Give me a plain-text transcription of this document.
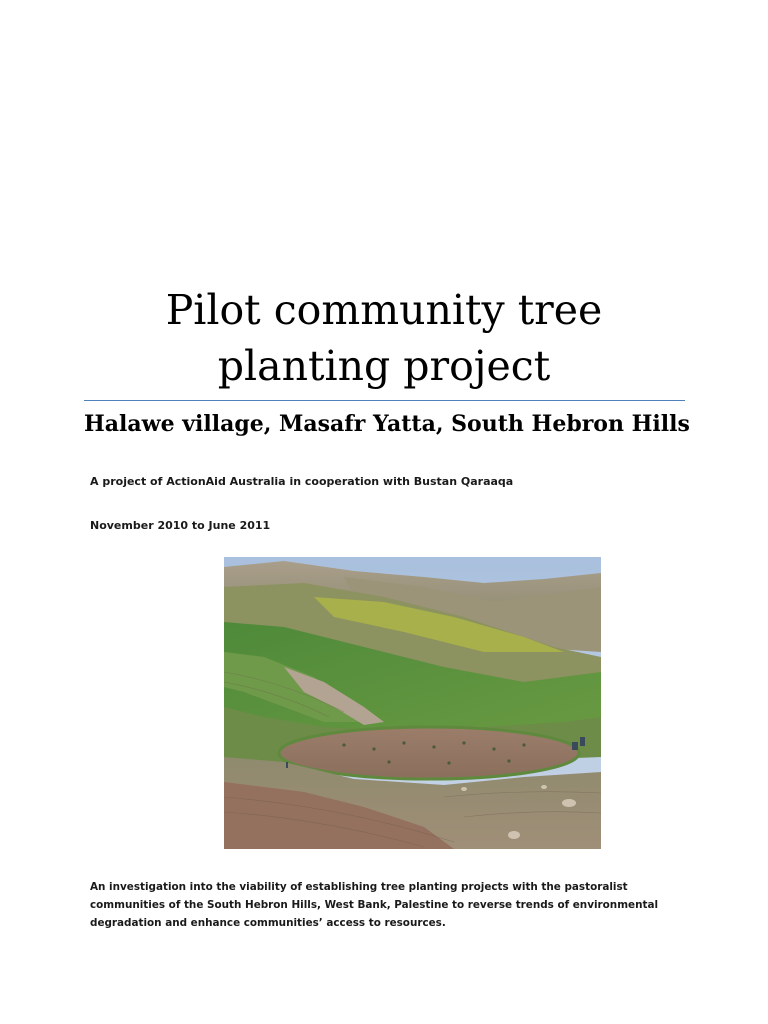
Pilot community tree
planting project
Halawe village, Masafr Yatta, South Hebron Hills

A project of ActionAid Australia in cooperation with Bustan Qaraaqa

November 2010 to June 2011

An investigation into the viability of establishing tree planting projects with the pastoralist communities of the South Hebron Hills, West Bank, Palestine to reverse trends of environmental degradation and enhance communities’ access to resources.
